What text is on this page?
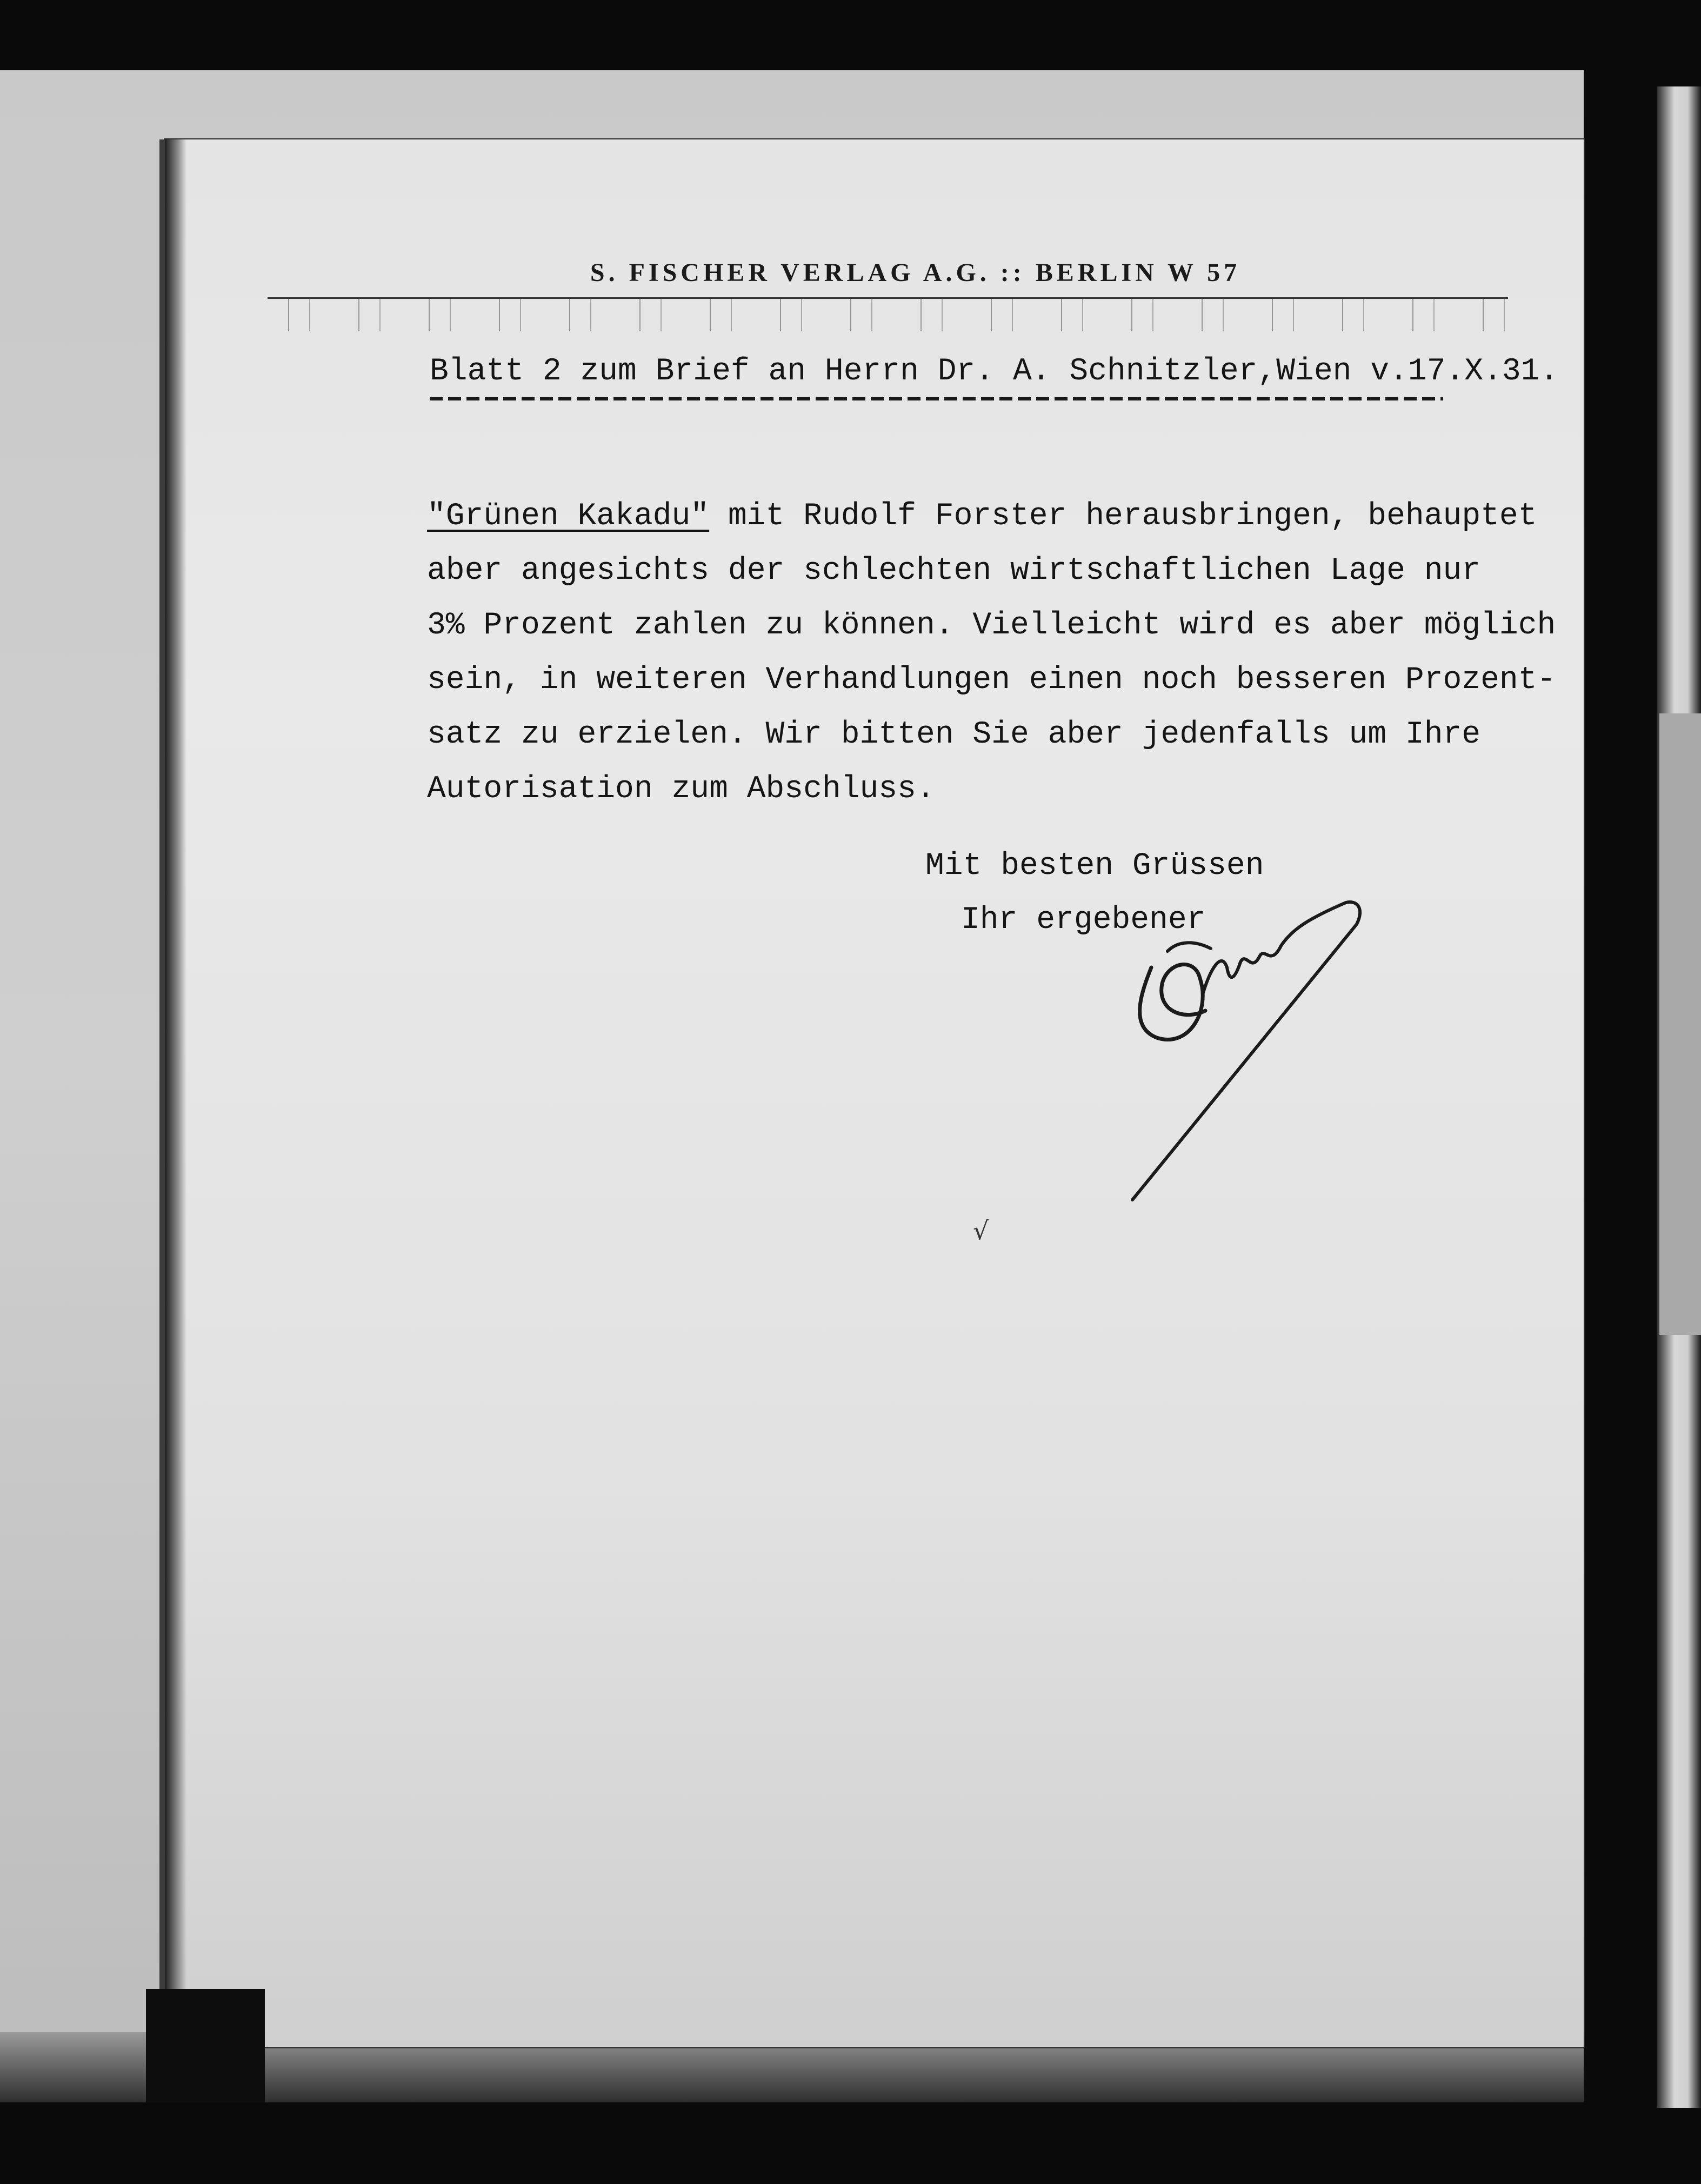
S. FISCHER VERLAG A.G. :: BERLIN W 57
Blatt 2 zum Brief an Herrn Dr. A. Schnitzler,Wien v.17.X.31.
"Grünen Kakadu" mit Rudolf Forster herausbringen, behauptet
aber angesichts der schlechten wirtschaftlichen Lage nur
3% Prozent zahlen zu können. Vielleicht wird es aber möglich
sein, in weiteren Verhandlungen einen noch besseren Prozent-
satz zu erzielen. Wir bitten Sie aber jedenfalls um Ihre
Autorisation zum Abschluss.
Mit besten Grüssen
Ihr ergebener
√
